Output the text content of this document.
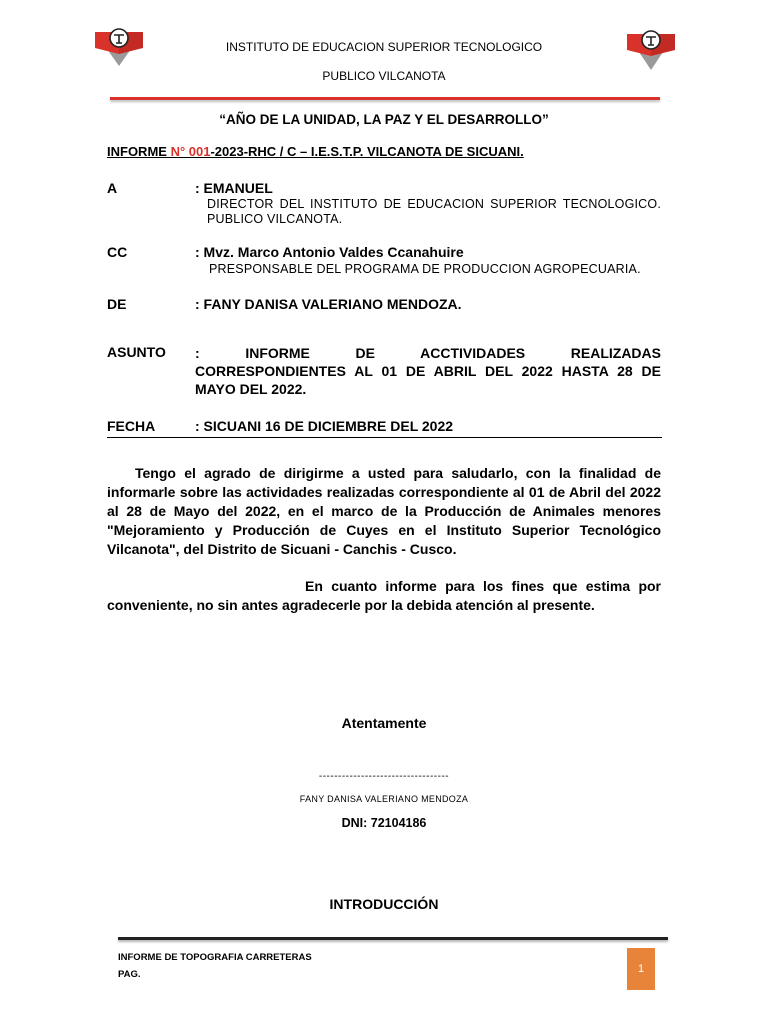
INSTITUTO DE EDUCACION SUPERIOR TECNOLOGICO
PUBLICO VILCANOTA
“AÑO DE LA UNIDAD, LA PAZ Y EL DESARROLLO”
INFORME N° 001-2023-RHC / C – I.E.S.T.P. VILCANOTA DE SICUANI.
A	: EMANUEL
DIRECTOR DEL INSTITUTO DE EDUCACION SUPERIOR TECNOLOGICO.
PUBLICO VILCANOTA.
CC	: Mvz. Marco Antonio Valdes Ccanahuire
PRESPONSABLE DEL PROGRAMA DE PRODUCCION AGROPECUARIA.
DE	: FANY DANISA VALERIANO MENDOZA.
ASUNTO : INFORME DE ACCTIVIDADES REALIZADAS
CORRESPONDIENTES AL 01 DE ABRIL DEL 2022 HASTA 28 DE
MAYO DEL 2022.
FECHA	: SICUANI 16 DE DICIEMBRE DEL 2022
Tengo el agrado de dirigirme a usted para saludarlo, con la finalidad de informarle sobre las actividades realizadas correspondiente al 01 de Abril del 2022 al 28 de Mayo del 2022, en el marco de la Producción de Animales menores "Mejoramiento y Producción de Cuyes en el Instituto Superior Tecnológico Vilcanota", del Distrito de Sicuani - Canchis - Cusco.
En cuanto informe para los fines que estima por
conveniente, no sin antes agradecerle por la debida atención al presente.
Atentamente
----------------------------------
FANY DANISA VALERIANO MENDOZA
DNI: 72104186
INTRODUCCIÓN
INFORME DE TOPOGRAFIA CARRETERAS
PAG.	1
